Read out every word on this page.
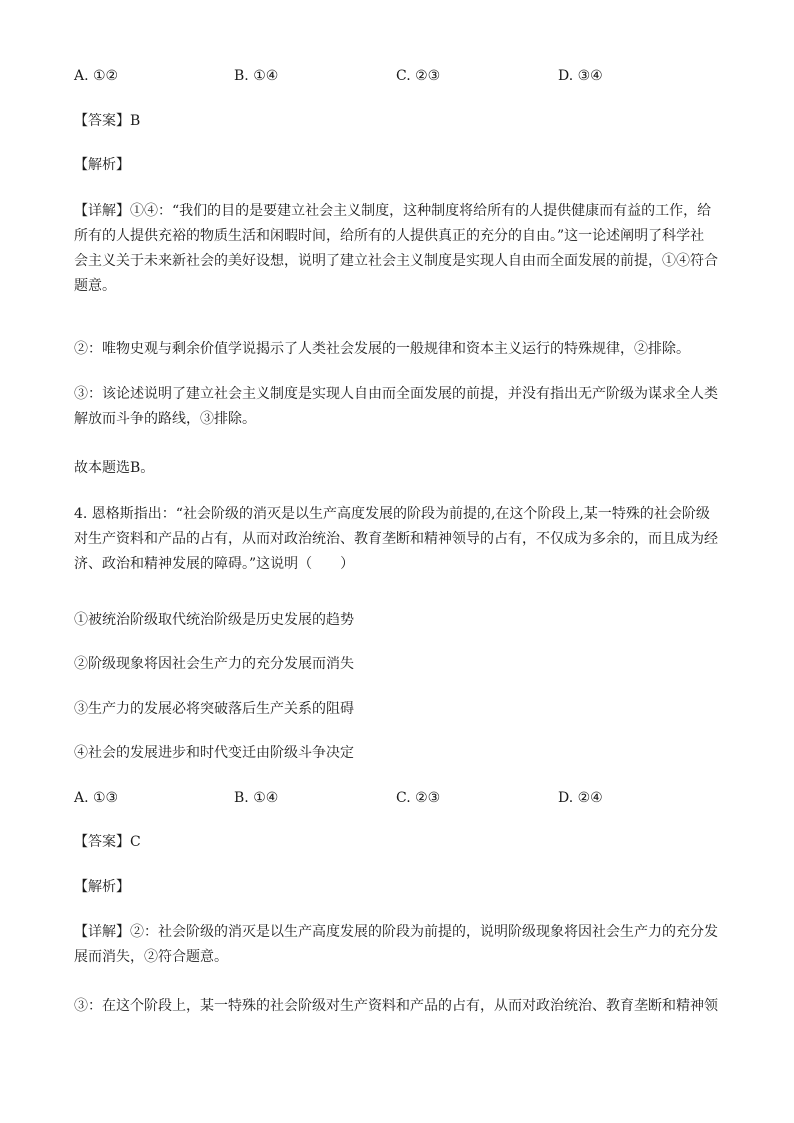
A. ①②	B. ①④	C. ②③	D. ③④
【答案】B
【解析】
【详解】①④：“我们的目的是要建立社会主义制度，这种制度将给所有的人提供健康而有益的工作，给
所有的人提供充裕的物质生活和闲暇时间，给所有的人提供真正的充分的自由。”这一论述阐明了科学社
会主义关于未来新社会的美好设想，说明了建立社会主义制度是实现人自由而全面发展的前提，①④符合
题意。
②：唯物史观与剩余价值学说揭示了人类社会发展的一般规律和资本主义运行的特殊规律，②排除。
③：该论述说明了建立社会主义制度是实现人自由而全面发展的前提，并没有指出无产阶级为谋求全人类
解放而斗争的路线，③排除。
故本题选B。
4. 恩格斯指出：“社会阶级的消灭是以生产高度发展的阶段为前提的,在这个阶段上,某一特殊的社会阶级
对生产资料和产品的占有，从而对政治统治、教育垄断和精神领导的占有，不仅成为多余的，而且成为经
济、政治和精神发展的障碍。”这说明（　　）
①被统治阶级取代统治阶级是历史发展的趋势
②阶级现象将因社会生产力的充分发展而消失
③生产力的发展必将突破落后生产关系的阻碍
④社会的发展进步和时代变迁由阶级斗争决定
A. ①③	B. ①④	C. ②③	D. ②④
【答案】C
【解析】
【详解】②：社会阶级的消灭是以生产高度发展的阶段为前提的，说明阶级现象将因社会生产力的充分发
展而消失，②符合题意。
③：在这个阶段上，某一特殊的社会阶级对生产资料和产品的占有，从而对政治统治、教育垄断和精神领
